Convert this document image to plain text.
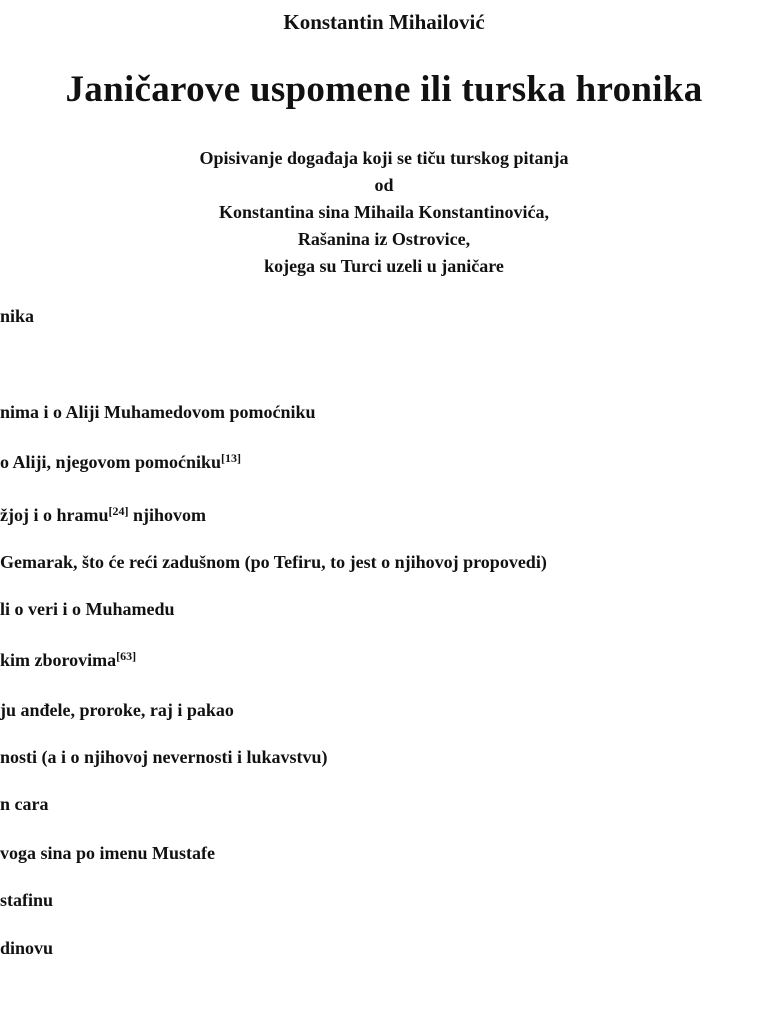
Konstantin Mihailović
Janičarove uspomene ili turska hronika
Opisivanje događaja koji se tiču turskog pitanja
od
Konstantina sina Mihaila Konstantinovića,
Rašanina iz Ostrovice,
kojega su Turci uzeli u janičare
nika
nima i o Aliji Muhamedovom pomoćniku
o Aliji, njegovom pomoćniku[13]
žjoj i o hramu[24] njihovom
Gemarak, što će reći zadušnom (po Tefiru, to jest o njihovoj propovedi)
li o veri i o Muhamedu
kim zborovima[63]
ju anđele, proroke, raj i pakao
nosti (a i o njihovoj nevernosti i lukavstvu)
n cara
voga sina po imenu Mustafe
stafinu
dinovu
